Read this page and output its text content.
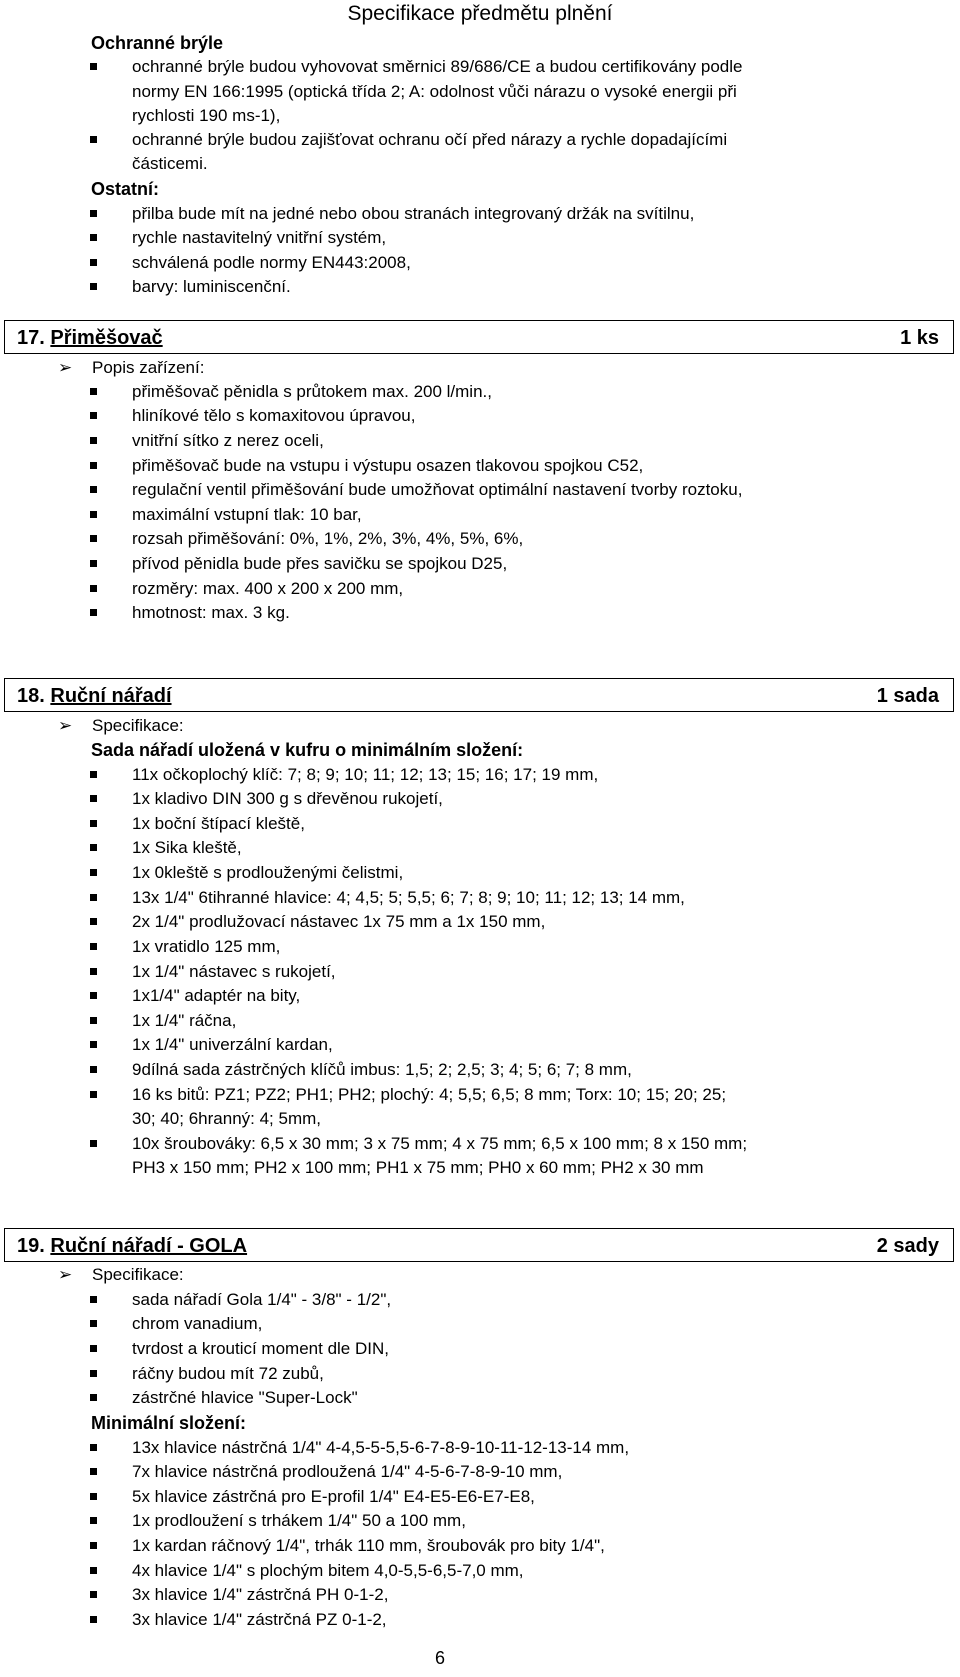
Specifikace předmětu plnění
Ochranné brýle
ochranné brýle budou vyhovovat směrnici 89/686/CE a budou certifikovány podle
normy EN 166:1995 (optická třída 2; A: odolnost vůči nárazu o vysoké energii při
rychlosti 190 ms-1),
ochranné brýle budou zajišťovat ochranu očí před nárazy a rychle dopadajícími
částicemi.
Ostatní:
přilba bude mít na jedné nebo obou stranách integrovaný držák na svítilnu,
rychle nastavitelný vnitřní systém,
schválená podle normy EN443:2008,
barvy: luminiscenční.
17. Přiměšovač	1 ks
➢ Popis zařízení:
přiměšovač pěnidla s průtokem max. 200 l/min.,
hliníkové tělo s komaxitovou úpravou,
vnitřní sítko z nerez oceli,
přiměšovač bude na vstupu i výstupu osazen tlakovou spojkou C52,
regulační ventil přiměšování bude umožňovat optimální nastavení tvorby roztoku,
maximální vstupní tlak: 10 bar,
rozsah přiměšování: 0%, 1%, 2%, 3%, 4%, 5%, 6%,
přívod pěnidla bude přes savičku se spojkou D25,
rozměry: max. 400 x 200 x 200 mm,
hmotnost: max. 3 kg.
18. Ruční nářadí	1 sada
➢ Specifikace:
Sada nářadí uložená v kufru o minimálním složení:
11x očkoplochý klíč: 7; 8; 9; 10; 11; 12; 13; 15; 16; 17; 19 mm,
1x kladivo DIN 300 g s dřevěnou rukojetí,
1x boční štípací kleště,
1x Sika kleště,
1x 0kleště s prodlouženými čelistmi,
13x 1/4" 6tihranné hlavice: 4; 4,5; 5; 5,5; 6; 7; 8; 9; 10; 11; 12; 13; 14 mm,
2x 1/4" prodlužovací nástavec 1x 75 mm a 1x 150 mm,
1x vratidlo 125 mm,
1x 1/4" nástavec s rukojetí,
1x1/4" adaptér na bity,
1x 1/4" ráčna,
1x 1/4" univerzální kardan,
9dílná sada zástrčných klíčů imbus: 1,5; 2; 2,5; 3; 4; 5; 6; 7; 8 mm,
16 ks bitů: PZ1; PZ2; PH1; PH2; plochý: 4; 5,5; 6,5; 8 mm; Torx: 10; 15; 20; 25;
30; 40; 6hranný: 4; 5mm,
10x šroubováky: 6,5 x 30 mm; 3 x 75 mm; 4 x 75 mm; 6,5 x 100 mm; 8 x 150 mm;
PH3 x 150 mm; PH2 x 100 mm; PH1 x 75 mm; PH0 x 60 mm; PH2 x 30 mm
19. Ruční nářadí - GOLA	2 sady
➢ Specifikace:
sada nářadí Gola 1/4" - 3/8" - 1/2",
chrom vanadium,
tvrdost a krouticí moment dle DIN,
ráčny budou mít 72 zubů,
zástrčné hlavice "Super-Lock"
Minimální složení:
13x hlavice nástrčná 1/4" 4-4,5-5-5,5-6-7-8-9-10-11-12-13-14 mm,
7x hlavice nástrčná prodloužená 1/4" 4-5-6-7-8-9-10 mm,
5x hlavice zástrčná pro E-profil 1/4" E4-E5-E6-E7-E8,
1x prodloužení s trhákem 1/4" 50 a 100 mm,
1x kardan ráčnový 1/4", trhák 110 mm, šroubovák pro bity 1/4",
4x hlavice 1/4" s plochým bitem 4,0-5,5-6,5-7,0 mm,
3x hlavice 1/4" zástrčná PH 0-1-2,
3x hlavice 1/4" zástrčná PZ 0-1-2,
6
